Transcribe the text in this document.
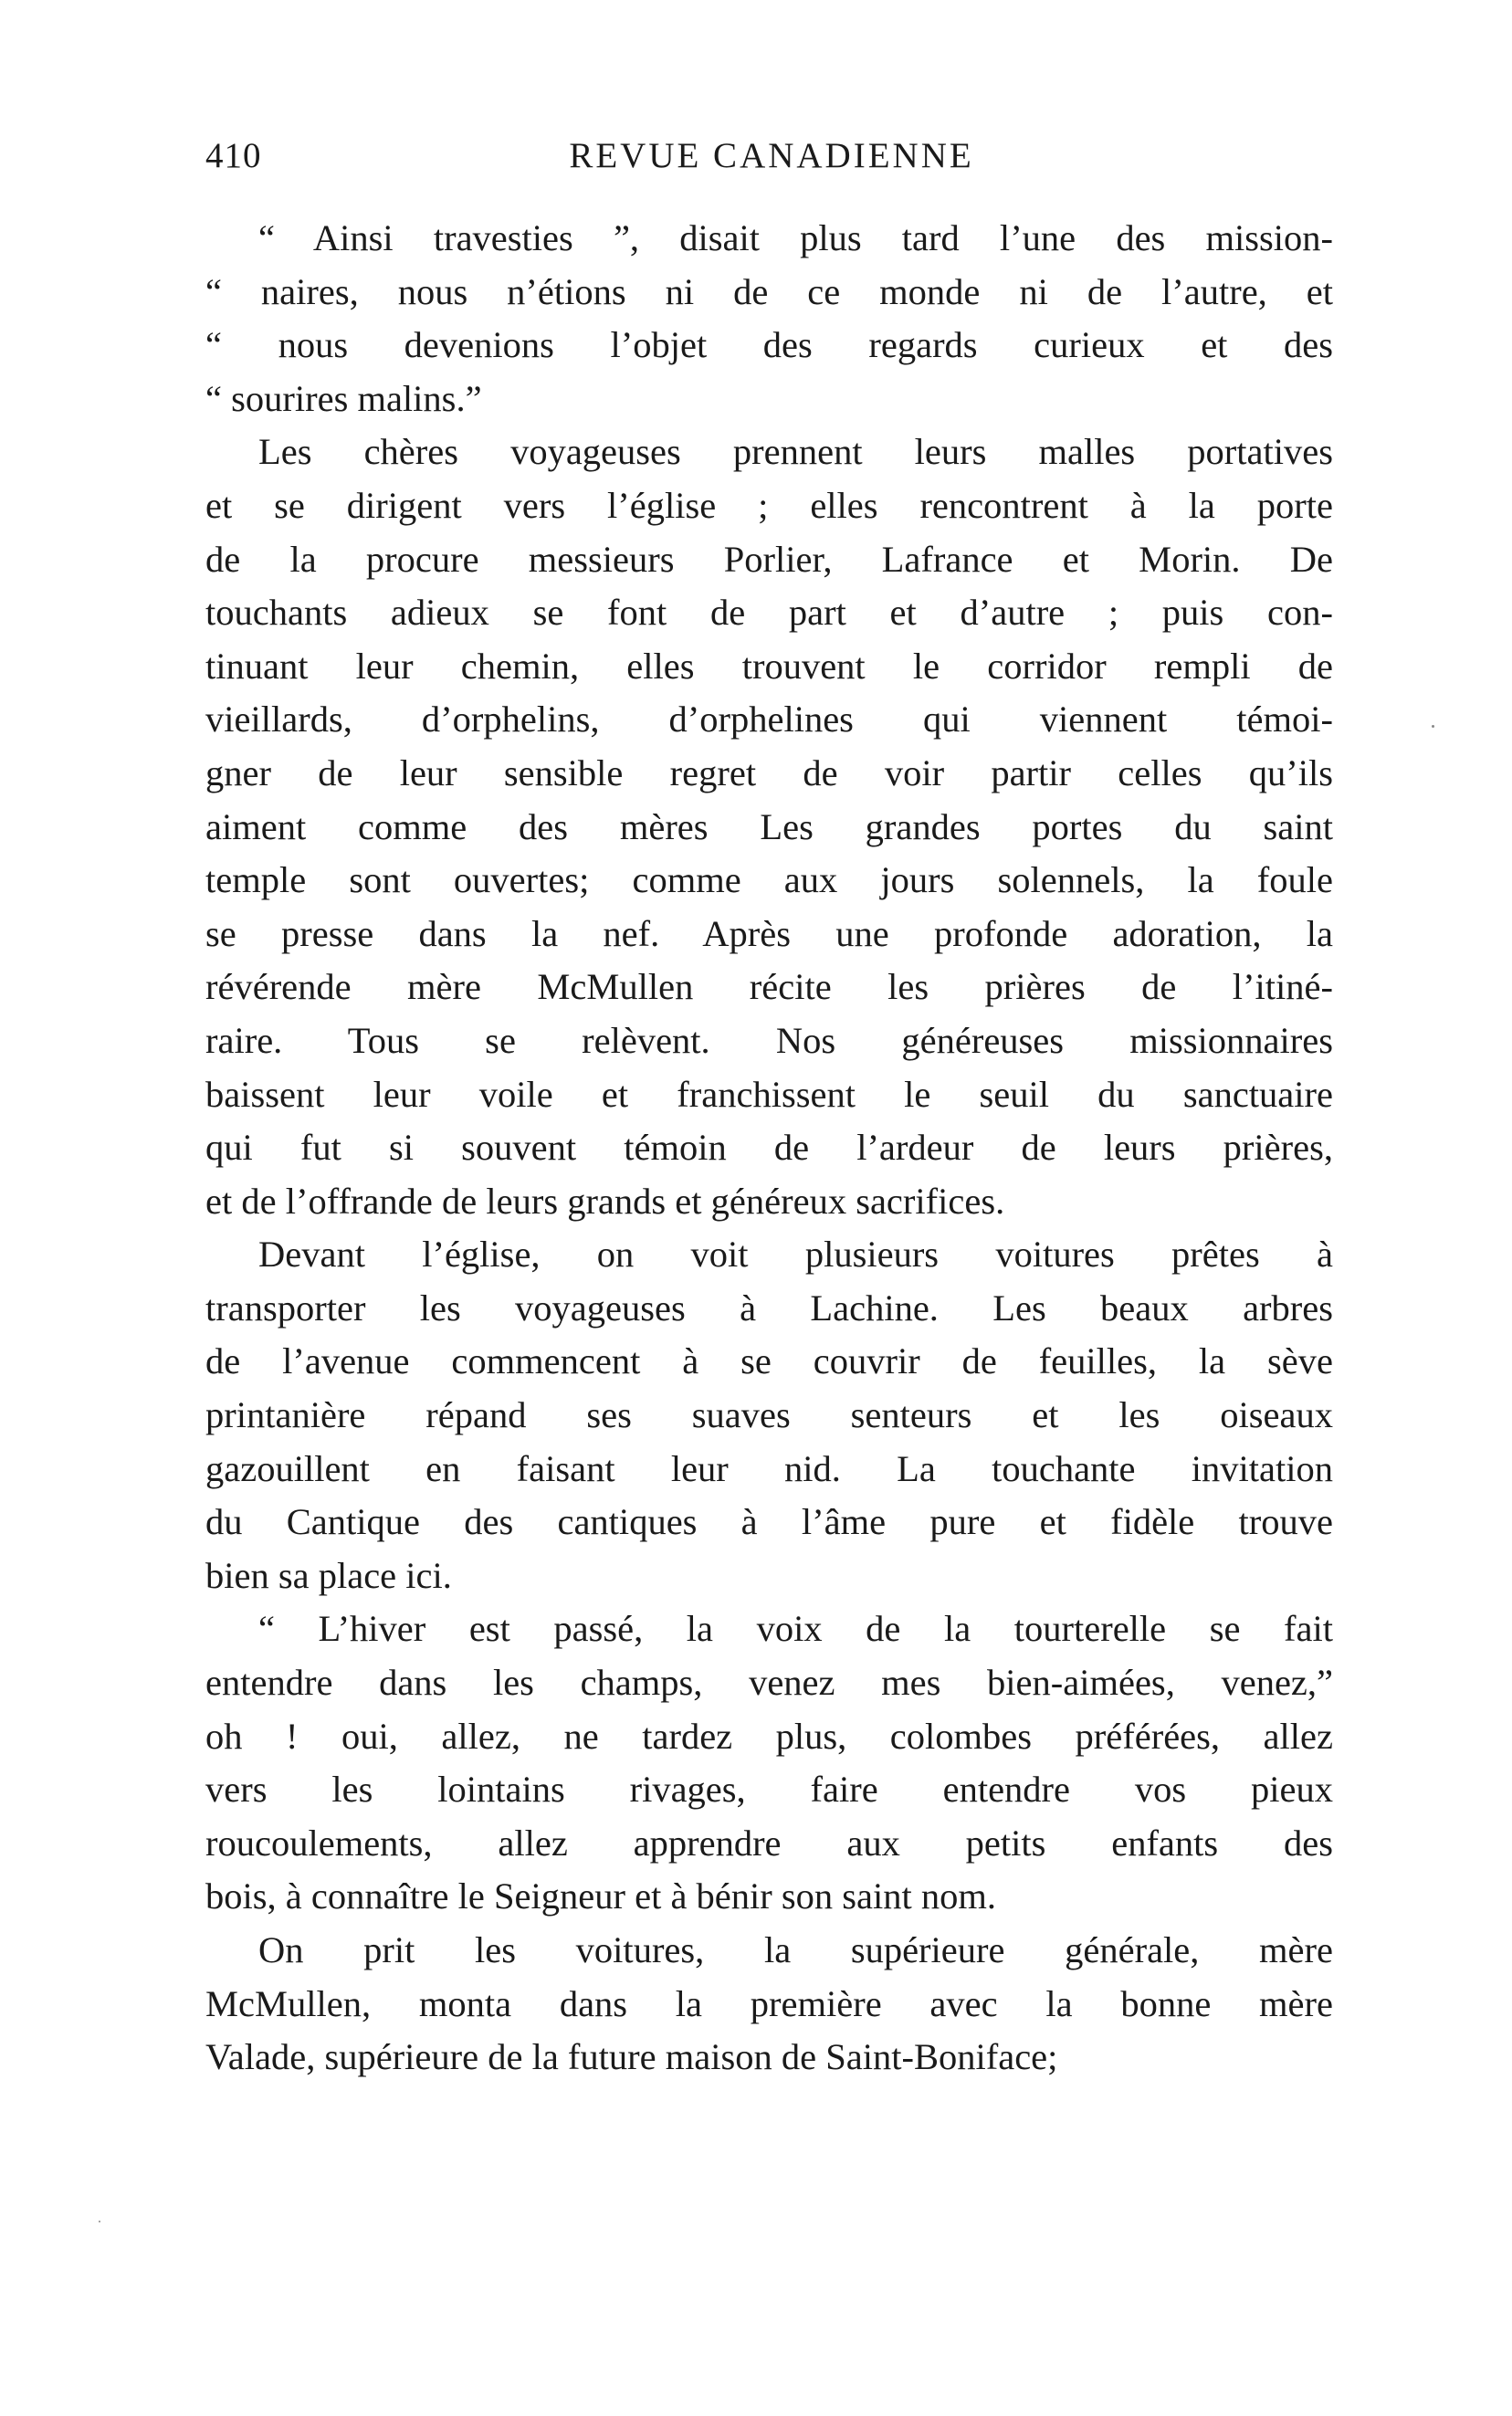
410	REVUE CANADIENNE
“ Ainsi travesties ”, disait plus tard l’une des mission-
“ naires, nous n’étions ni de ce monde ni de l’autre, et
“ nous devenions l’objet des regards curieux et des
“ sourires malins.”
Les chères voyageuses prennent leurs malles portatives
et se dirigent vers l’église ; elles rencontrent à la porte
de la procure messieurs Porlier, Lafrance et Morin. De
touchants adieux se font de part et d’autre ; puis con-
tinuant leur chemin, elles trouvent le corridor rempli de
vieillards, d’orphelins, d’orphelines qui viennent témoi-
gner de leur sensible regret de voir partir celles qu’ils
aiment comme des mères Les grandes portes du saint
temple sont ouvertes; comme aux jours solennels, la foule
se presse dans la nef. Après une profonde adoration, la
révérende mère McMullen récite les prières de l’itiné-
raire. Tous se relèvent. Nos généreuses missionnaires
baissent leur voile et franchissent le seuil du sanctuaire
qui fut si souvent témoin de l’ardeur de leurs prières,
et de l’offrande de leurs grands et généreux sacrifices.
Devant l’église, on voit plusieurs voitures prêtes à
transporter les voyageuses à Lachine. Les beaux arbres
de l’avenue commencent à se couvrir de feuilles, la sève
printanière répand ses suaves senteurs et les oiseaux
gazouillent en faisant leur nid. La touchante invitation
du Cantique des cantiques à l’âme pure et fidèle trouve
bien sa place ici.
“ L’hiver est passé, la voix de la tourterelle se fait
entendre dans les champs, venez mes bien-aimées, venez,”
oh ! oui, allez, ne tardez plus, colombes préférées, allez
vers les lointains rivages, faire entendre vos pieux
roucoulements, allez apprendre aux petits enfants des
bois, à connaître le Seigneur et à bénir son saint nom.
On prit les voitures, la supérieure générale, mère
McMullen, monta dans la première avec la bonne mère
Valade, supérieure de la future maison de Saint-Boniface;
